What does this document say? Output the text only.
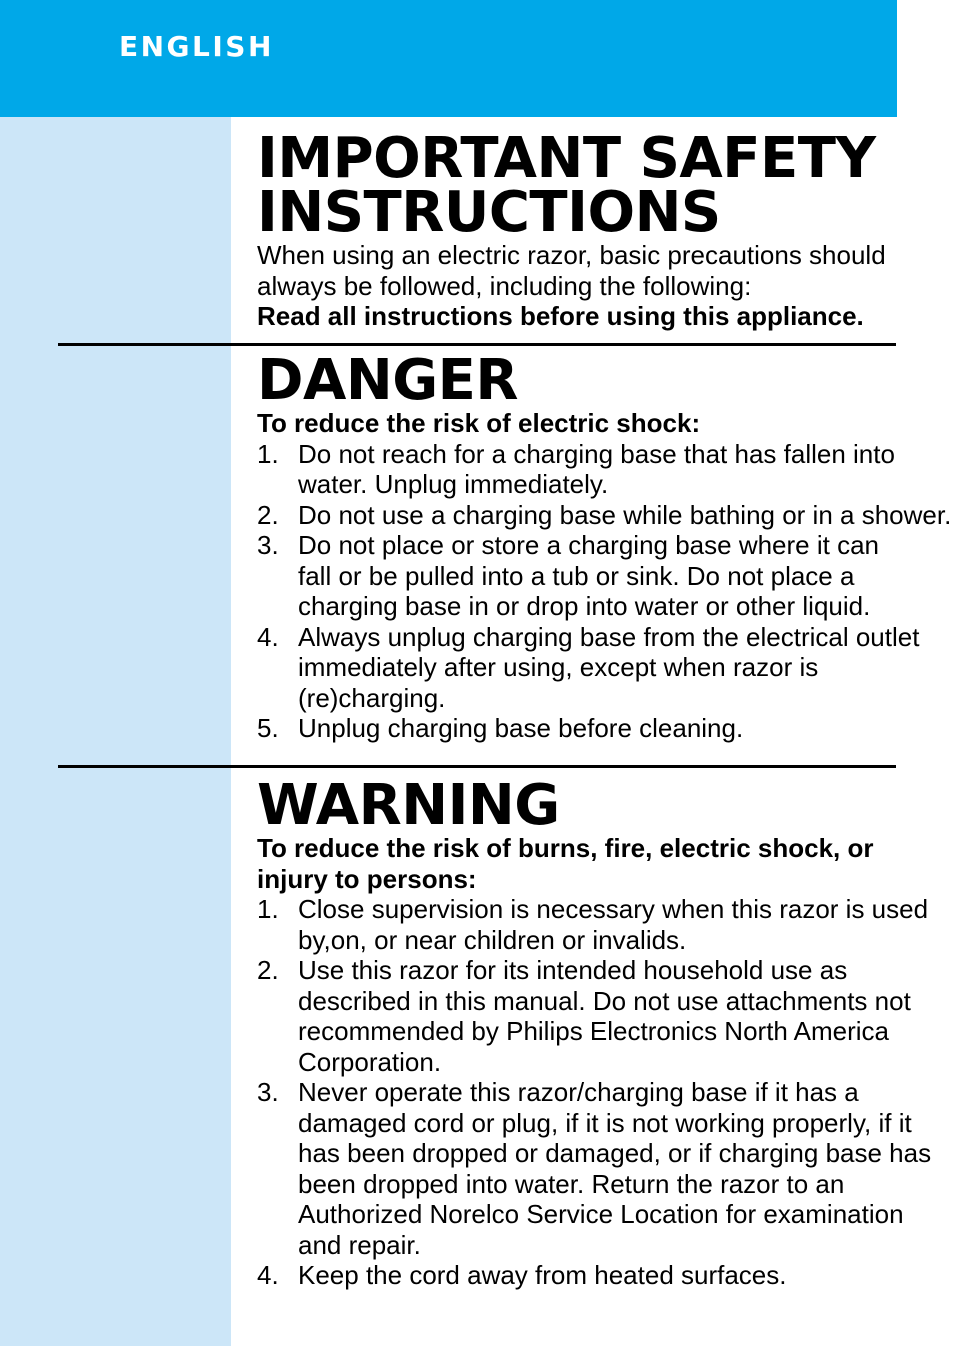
ENGLISH
IMPORTANT SAFETY
INSTRUCTIONS
When using an electric razor, basic precautions should
always be followed, including the following:
Read all instructions before using this appliance.
DANGER
To reduce the risk of electric shock:
1. Do not reach for a charging base that has fallen into
water. Unplug immediately.
2. Do not use a charging base while bathing or in a shower.
3. Do not place or store a charging base where it can
fall or be pulled into a tub or sink. Do not place a
charging base in or drop into water or other liquid.
4. Always unplug charging base from the electrical outlet
immediately after using, except when razor is
(re)charging.
5. Unplug charging base before cleaning.
WARNING
To reduce the risk of burns, fire, electric shock, or
injury to persons:
1. Close supervision is necessary when this razor is used
by,on, or near children or invalids.
2. Use this razor for its intended household use as
described in this manual. Do not use attachments not
recommended by Philips Electronics North America
Corporation.
3. Never operate this razor/charging base if it has a
damaged cord or plug, if it is not working properly, if it
has been dropped or damaged, or if charging base has
been dropped into water. Return the razor to an
Authorized Norelco Service Location for examination
and repair.
4. Keep the cord away from heated surfaces.
